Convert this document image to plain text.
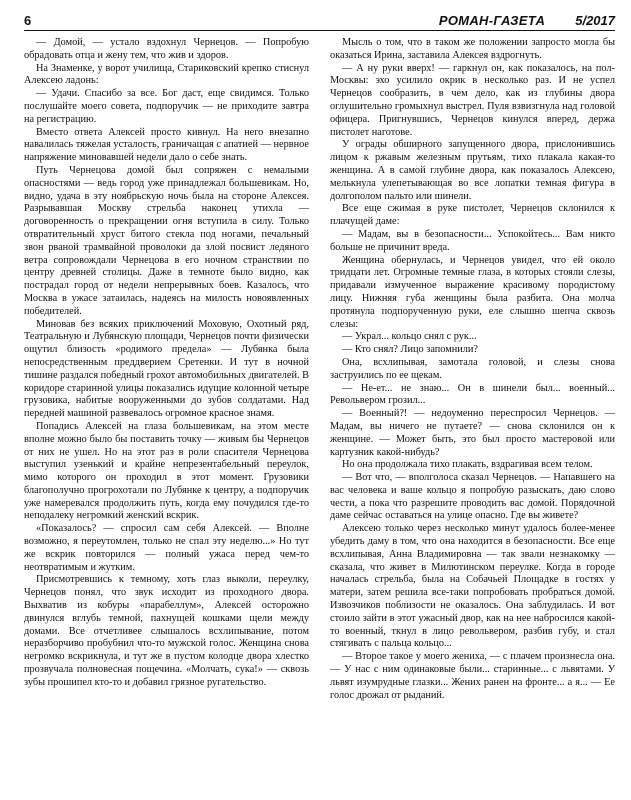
6	РОМАН-ГАЗЕТА 5/2017

— Домой, — устало вздохнул Чернецов. — Попробую обрадовать отца и жену тем, что жив и здоров.

На Знаменке, у ворот училища, Стариковский крепко стиснул Алексею ладонь:

— Удачи. Спасибо за все. Бог даст, еще свидимся. Только послушайте моего совета, подпоручик — не приходите завтра на регистрацию.

Вместо ответа Алексей просто кивнул. На него внезапно навалилась тяжелая усталость, граничащая с апатией — нервное напряжение миновавшей недели дало о себе знать.

Путь Чернецова домой был сопряжен с немалыми опасностями — ведь город уже принадлежал большевикам. Но, видно, удача в эту ноябрьскую ночь была на стороне Алексея. Разрывавшая Москву стрельба наконец утихла — договоренность о прекращении огня вступила в силу. Только отвратительный хруст битого стекла под ногами, печальный звон рваной трамвайной проволоки да злой посвист ледяного ветра сопровождали Чернецова в его ночном странствии по центру древней столицы. Даже в темноте было видно, как пострадал город от недели непрерывных боев. Казалось, что Москва в ужасе затаилась, надеясь на милость новоявленных победителей.

Миновав без всяких приключений Моховую, Охотный ряд, Театральную и Лубянскую площади, Чернецов почти физически ощутил близость «родимого предела» — Лубянка была непосредственным преддверием Сретенки. И тут в ночной тишине раздался победный грохот автомобильных двигателей. В коридоре старинной улицы показались идущие колонной четыре грузовика, набитые вооруженными до зубов солдатами. Над передней машиной развевалось огромное красное знамя.

Попадись Алексей на глаза большевикам, на этом месте вполне можно было бы поставить точку — живым бы Чернецов от них не ушел. Но на этот раз в роли спасителя Чернецова выступил узенький и крайне непрезентабельный переулок, мимо которого он проходил в этот момент. Грузовики благополучно прогрохотали по Лубянке к центру, а подпоручик уже намеревался продолжить путь, когда ему почудился где-то неподалеку негромкий женский вскрик.

«Показалось? — спросил сам себя Алексей. — Вполне возможно, я переутомлен, только не спал эту неделю...» Но тут же вскрик повторился — полный ужаса перед чем-то неотвратимым и жутким.

Присмотревшись к темному, хоть глаз выколи, переулку, Чернецов понял, что звук исходит из проходного двора. Выхватив из кобуры «парабеллум», Алексей осторожно двинулся вглубь темной, пахнущей кошками щели между домами. Все отчетливее слышалось всхлипывание, потом неразборчиво пробубнил что-то мужской голос. Женщина снова негромко вскрикнула, и тут же в пустом колодце двора хлестко прозвучала полновесная пощечина. «Молчать, сука!» — сквозь зубы прошипел кто-то и добавил грязное ругательство.

Мысль о том, что в таком же положении запросто могла бы оказаться Ирина, заставила Алексея вздрогнуть.

— А ну руки вверх! — гаркнул он, как показалось, на пол-Москвы: эхо усилило окрик в несколько раз. И не успел Чернецов сообразить, в чем дело, как из глубины двора оглушительно громыхнул выстрел. Пуля взвизгнула над головой офицера. Пригнувшись, Чернецов кинулся вперед, держа пистолет наготове.

У ограды обширного запущенного двора, прислонившись лицом к ржавым железным прутьям, тихо плакала какая-то женщина. А в самой глубине двора, как показалось Алексею, мелькнула улепетывающая во все лопатки темная фигура в долгополом пальто или шинели.

Все еще сжимая в руке пистолет, Чернецов склонился к плачущей даме:

— Мадам, вы в безопасности... Успокойтесь... Вам никто больше не причинит вреда.

Женщина обернулась, и Чернецов увидел, что ей около тридцати лет. Огромные темные глаза, в которых стояли слезы, придавали измученное выражение красивому породистому лицу. Нижняя губа женщины была разбита. Она молча протянула подпорученную руки, еле слышно шепча сквозь слезы:

— Украл... кольцо снял с рук...

— Кто снял? Лицо запомнили?

Она, всхлипывая, замотала головой, и слезы снова заструились по ее щекам.

— Не-ет... не знаю... Он в шинели был... военный... Револьвером грозил...

— Военный?! — недоуменно переспросил Чернецов. — Мадам, вы ничего не путаете? — снова склонился он к женщине. — Может быть, это был просто мастеровой или картузник какой-нибудь?

Но она продолжала тихо плакать, вздрагивая всем телом.

— Вот что, — вполголоса сказал Чернецов. — Напавшего на вас человека и ваше кольцо я попробую разыскать, даю слово чести, а пока что разрешите проводить вас домой. Порядочной даме сейчас оставаться на улице опасно. Где вы живете?

Алексею только через несколько минут удалось более-менее убедить даму в том, что она находится в безопасности. Все еще всхлипывая, Анна Владимировна — так звали незнакомку — сказала, что живет в Милютинском переулке. Когда в городе началась стрельба, была на Собачьей Площадке в гостях у матери, затем решила все-таки попробовать пробраться домой. Извозчиков поблизости не оказалось. Она заблудилась. И вот стоило зайти в этот ужасный двор, как на нее набросился какой-то военный, ткнул в лицо револьвером, разбив губу, и стал стягивать с пальца кольцо...

— Второе такое у моего жениха, — с плачем произнесла она. — У нас с ним одинаковые были... старинные... с львятами. У львят изумрудные глазки... Жених ранен на фронте... а я... — Ее голос дрожал от рыданий.
